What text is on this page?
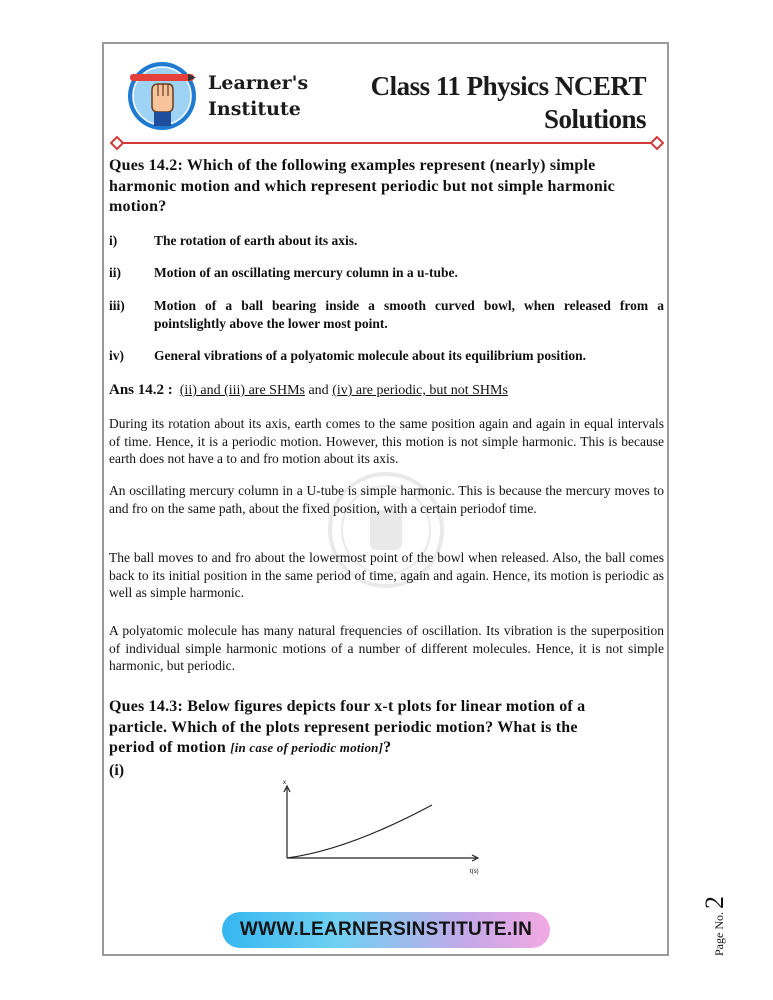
Learner's
Institute
Class 11 Physics NCERT
Solutions
Ques 14.2: Which of the following examples represent (nearly) simple
harmonic motion and which represent periodic but not simple harmonic
motion?
i)	The rotation of earth about its axis.
ii) Motion of an oscillating mercury column in a u-tube.
iii) Motion of a ball bearing inside a smooth curved bowl, when released from a pointslightly above the lower most point.
iv) General vibrations of a polyatomic molecule about its equilibrium position.
Ans 14.2 : (ii) and (iii) are SHMs and (iv) are periodic, but not SHMs
During its rotation about its axis, earth comes to the same position again and again in equal intervals of time. Hence, it is a periodic motion. However, this motion is not simple harmonic. This is because earth does not have a to and fro motion about its axis.
An oscillating mercury column in a U-tube is simple harmonic. This is because the mercury moves to and fro on the same path, about the fixed position, with a certain periodof time.
The ball moves to and fro about the lowermost point of the bowl when released. Also, the ball comes back to its initial position in the same period of time, again and again. Hence, its motion is periodic as well as simple harmonic.
A polyatomic molecule has many natural frequencies of oscillation. Its vibration is the superposition of individual simple harmonic motions of a number of different molecules. Hence, it is not simple harmonic, but periodic.
Ques 14.3: Below figures depicts four x-t plots for linear motion of a
particle. Which of the plots represent periodic motion? What is the
period of motion [in case of periodic motion]?
(i)
x
t(s)
WWW.LEARNERSINSTITUTE.IN	Page No.2
